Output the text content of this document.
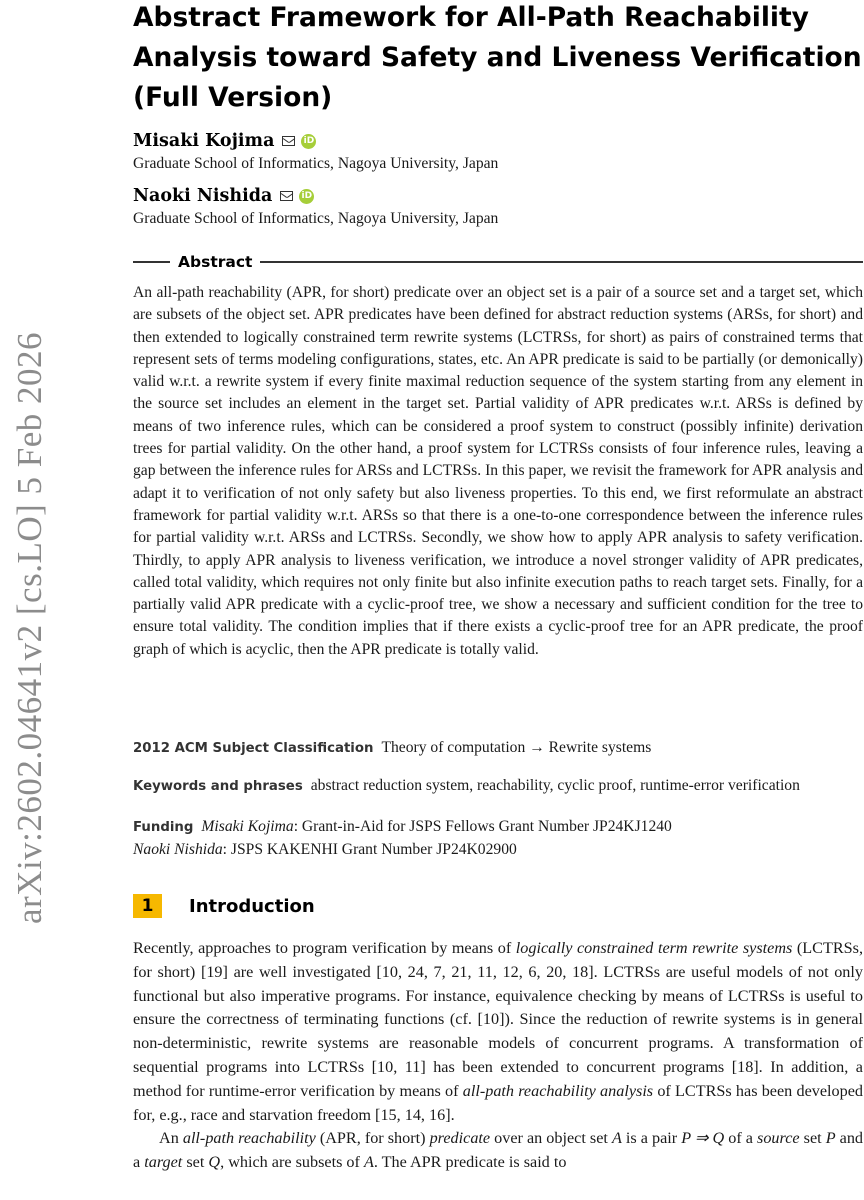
arXiv:2602.04641v2 [cs.LO] 5 Feb 2026
Abstract Framework for All-Path Reachability
Analysis toward Safety and Liveness Verification
(Full Version)
Misaki Kojima	iD
Graduate School of Informatics, Nagoya University, Japan
Naoki Nishida	iD
Graduate School of Informatics, Nagoya University, Japan
Abstract

An all-path reachability (APR, for short) predicate over an object set is a pair of a source set and a target set, which are subsets of the object set. APR predicates have been defined for abstract reduction systems (ARSs, for short) and then extended to logically constrained term rewrite systems (LCTRSs, for short) as pairs of constrained terms that represent sets of terms modeling configurations, states, etc. An APR predicate is said to be partially (or demonically) valid w.r.t. a rewrite system if every finite maximal reduction sequence of the system starting from any element in the source set includes an element in the target set. Partial validity of APR predicates w.r.t. ARSs is defined by means of two inference rules, which can be considered a proof system to construct (possibly infinite) derivation trees for partial validity. On the other hand, a proof system for LCTRSs consists of four inference rules, leaving a gap between the inference rules for ARSs and LCTRSs. In this paper, we revisit the framework for APR analysis and adapt it to verification of not only safety but also liveness properties. To this end, we first reformulate an abstract framework for partial validity w.r.t. ARSs so that there is a one-to-one correspondence between the inference rules for partial validity w.r.t. ARSs and LCTRSs. Secondly, we show how to apply APR analysis to safety verification. Thirdly, to apply APR analysis to liveness verification, we introduce a novel stronger validity of APR predicates, called total validity, which requires not only finite but also infinite execution paths to reach target sets. Finally, for a partially valid APR predicate with a cyclic-proof tree, we show a necessary and sufficient condition for the tree to ensure total validity. The condition implies that if there exists a cyclic-proof tree for an APR predicate, the proof graph of which is acyclic, then the APR predicate is totally valid.

2012 ACM Subject Classification Theory of computation → Rewrite systems
Keywords and phrases abstract reduction system, reachability, cyclic proof, runtime-error verification
Funding Misaki Kojima: Grant-in-Aid for JSPS Fellows Grant Number JP24KJ1240
Naoki Nishida: JSPS KAKENHI Grant Number JP24K02900
1	Introduction

Recently, approaches to program verification by means of logically constrained term rewrite systems (LCTRSs, for short) [19] are well investigated [10, 24, 7, 21, 11, 12, 6, 20, 18]. LCTRSs are useful models of not only functional but also imperative programs. For instance, equivalence checking by means of LCTRSs is useful to ensure the correctness of terminating functions (cf. [10]). Since the reduction of rewrite systems is in general non-deterministic, rewrite systems are reasonable models of concurrent programs. A transformation of sequential programs into LCTRSs [10, 11] has been extended to concurrent programs [18]. In addition, a method for runtime-error verification by means of all-path reachability analysis of LCTRSs has been developed for, e.g., race and starvation freedom [15, 14, 16].

An all-path reachability (APR, for short) predicate over an object set A is a pair P ⇒ Q of a source set P and a target set Q, which are subsets of A. The APR predicate is said to
